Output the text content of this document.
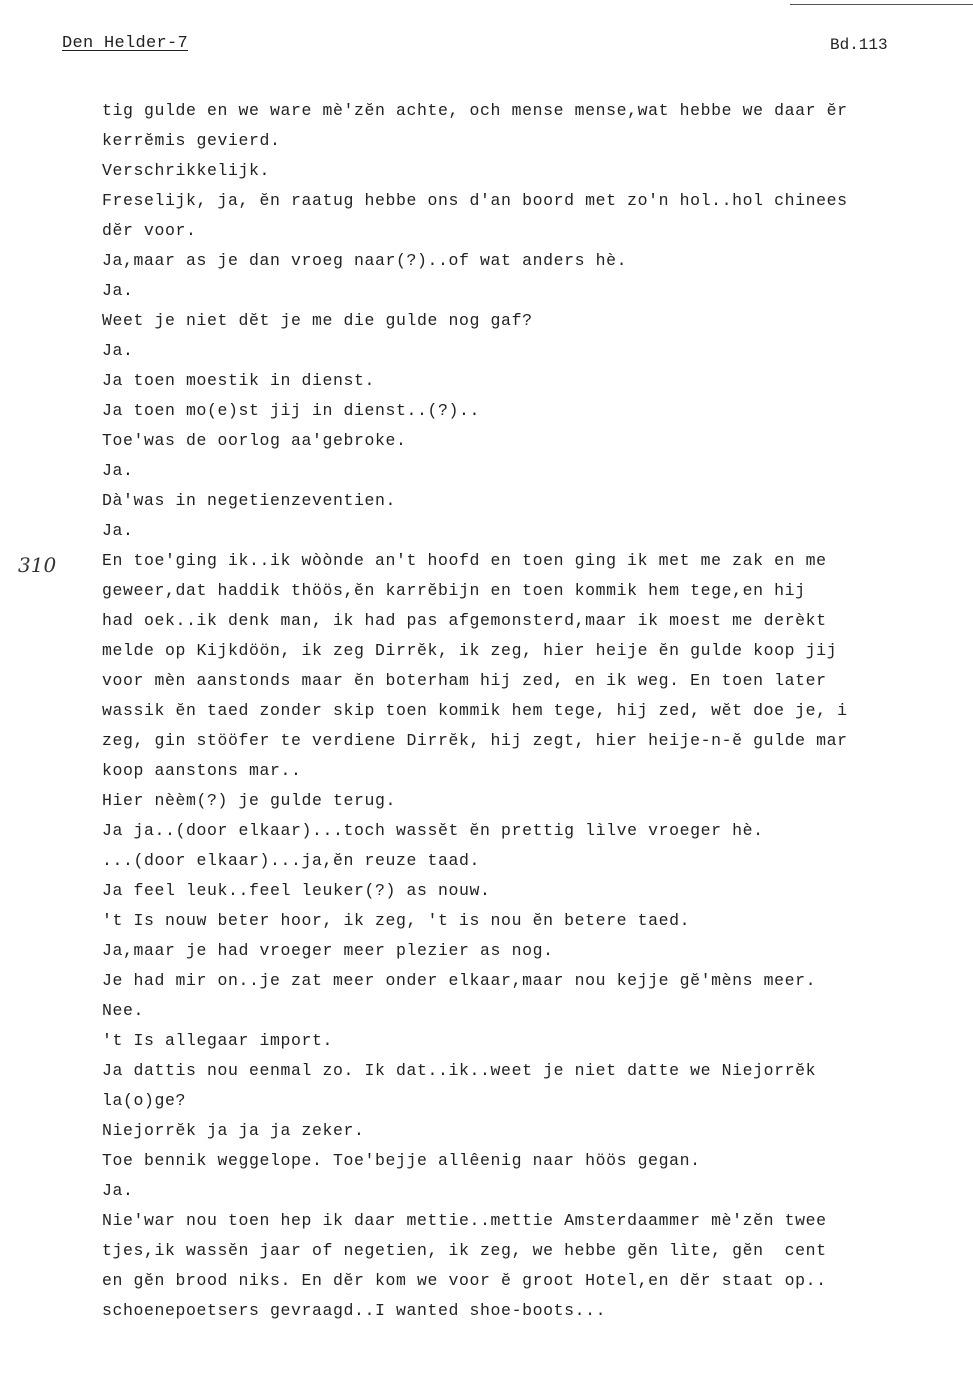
Den Helder-7	Bd.113
310
tig gulde en we ware mè'zĕn achte, och mense mense,wat hebbe we daar ĕr
kerrĕmis gevierd.
Verschrikkelijk.
Freselijk, ja, ĕn raatug hebbe ons d'an boord met zo'n hol..hol chinees
dĕr voor.
Ja,maar as je dan vroeg naar(?)..of wat anders hè.
Ja.
Weet je niet dĕt je me die gulde nog gaf?
Ja.
Ja toen moestik in dienst.
Ja toen mo(e)st jij in dienst..(?)..
Toe'was de oorlog aa'gebroke.
Ja.
Dà'was in negetienzeventien.
Ja.
En toe'ging ik..ik wòònde an't hoofd en toen ging ik met me zak en me
geweer,dat haddik thöös,ĕn karrĕbijn en toen kommik hem tege,en hij
had oek..ik denk man, ik had pas afgemonsterd,maar ik moest me derèkt
melde op Kijkdöön, ik zeg Dirrĕk, ik zeg, hier heije ĕn gulde koop jij
voor mèn aanstonds maar ĕn boterham hij zed, en ik weg. En toen later
wassik ĕn taed zonder skip toen kommik hem tege, hij zed, wĕt doe je, i
zeg, gin stööfer te verdiene Dirrĕk, hij zegt, hier heije-n-ĕ gulde mar
koop aanstons mar..
Hier nèèm(?) je gulde terug.
Ja ja..(door elkaar)...toch wassĕt ĕn prettig lìlve vroeger hè.
...(door elkaar)...ja,ĕn reuze taad.
Ja feel leuk..feel leuker(?) as nouw.
't Is nouw beter hoor, ik zeg, 't is nou ĕn betere taed.
Ja,maar je had vroeger meer plezier as nog.
Je had mir on..je zat meer onder elkaar,maar nou kejje gĕ'mèns meer.
Nee.
't Is allegaar import.
Ja dattis nou eenmal zo. Ik dat..ik..weet je niet datte we Niejorrĕk
la(o)ge?
Niejorrĕk ja ja ja zeker.
Toe bennik weggelope. Toe'bejje allêenig naar höös gegan.
Ja.
Nie'war nou toen hep ik daar mettie..mettie Amsterdaammer mè'zĕn twee
tjes,ik wassĕn jaar of negetien, ik zeg, we hebbe gĕn lìte, gĕn  cent
en gĕn brood niks. En dĕr kom we voor ĕ groot Hotel,en dĕr staat op..
schoenepoetsers gevraagd..I wanted shoe-boots...
